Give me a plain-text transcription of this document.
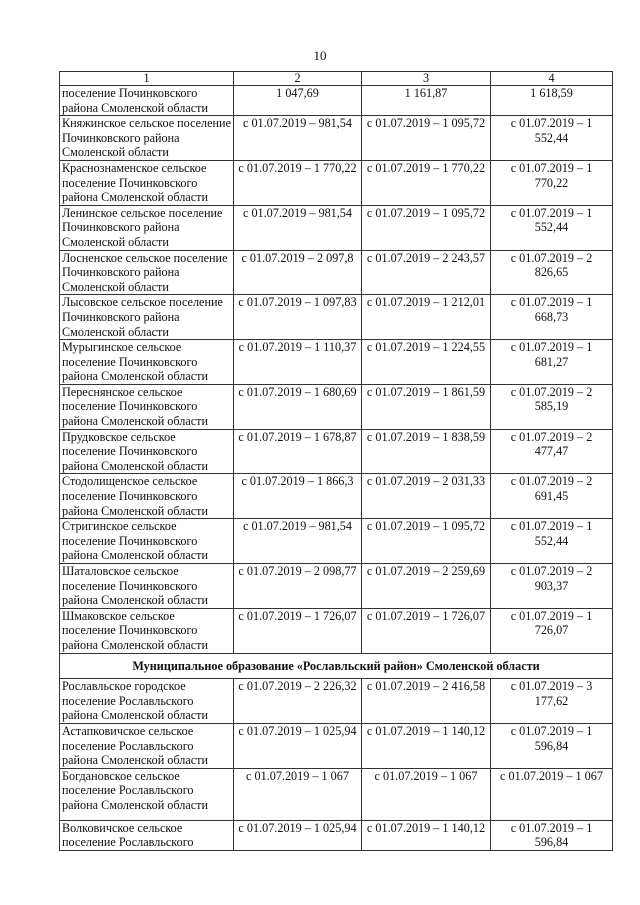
10
1	2	3	4
поселение Починковского района Смоленской области	1 047,69	1 161,87	1 618,59
Княжинское сельское поселение Починковского района Смоленской области	с 01.07.2019 – 981,54	с 01.07.2019 – 1 095,72	с 01.07.2019 – 1 552,44
Краснознаменское сельское поселение Починковского района Смоленской области	с 01.07.2019 – 1 770,22	с 01.07.2019 – 1 770,22	с 01.07.2019 – 1 770,22
Ленинское сельское поселение Починковского района Смоленской области	с 01.07.2019 – 981,54	с 01.07.2019 – 1 095,72	с 01.07.2019 – 1 552,44
Лосненское сельское поселение Починковского района Смоленской области	с 01.07.2019 – 2 097,8	с 01.07.2019 – 2 243,57	с 01.07.2019 – 2 826,65
Лысовское сельское поселение Починковского района Смоленской области	с 01.07.2019 – 1 097,83	с 01.07.2019 – 1 212,01	с 01.07.2019 – 1 668,73
Мурыгинское сельское поселение Починковского района Смоленской области	с 01.07.2019 – 1 110,37	с 01.07.2019 – 1 224,55	с 01.07.2019 – 1 681,27
Переснянское сельское поселение Починковского района Смоленской области	с 01.07.2019 – 1 680,69	с 01.07.2019 – 1 861,59	с 01.07.2019 – 2 585,19
Прудковское сельское поселение Починковского района Смоленской области	с 01.07.2019 – 1 678,87	с 01.07.2019 – 1 838,59	с 01.07.2019 – 2 477,47
Стодолищенское сельское поселение Починковского района Смоленской области	с 01.07.2019 – 1 866,3	с 01.07.2019 – 2 031,33	с 01.07.2019 – 2 691,45
Стригинское сельское поселение Починковского района Смоленской области	с 01.07.2019 – 981,54	с 01.07.2019 – 1 095,72	с 01.07.2019 – 1 552,44
Шаталовское сельское поселение Починковского района Смоленской области	с 01.07.2019 – 2 098,77	с 01.07.2019 – 2 259,69	с 01.07.2019 – 2 903,37
Шмаковское сельское поселение Починковского района Смоленской области	с 01.07.2019 – 1 726,07	с 01.07.2019 – 1 726,07	с 01.07.2019 – 1 726,07
Муниципальное образование «Рославльский район» Смоленской области			
Рославльское городское поселение Рославльского района Смоленской области	с 01.07.2019 – 2 226,32	с 01.07.2019 – 2 416,58	с 01.07.2019 – 3 177,62
Астапковичское сельское поселение Рославльского района Смоленской области	с 01.07.2019 – 1 025,94	с 01.07.2019 – 1 140,12	с 01.07.2019 – 1 596,84
Богдановское сельское поселение Рославльского района Смоленской области	с 01.07.2019 – 1 067	с 01.07.2019 – 1 067	с 01.07.2019 – 1 067
Волковичское сельское поселение Рославльского	с 01.07.2019 – 1 025,94	с 01.07.2019 – 1 140,12	с 01.07.2019 – 1 596,84
